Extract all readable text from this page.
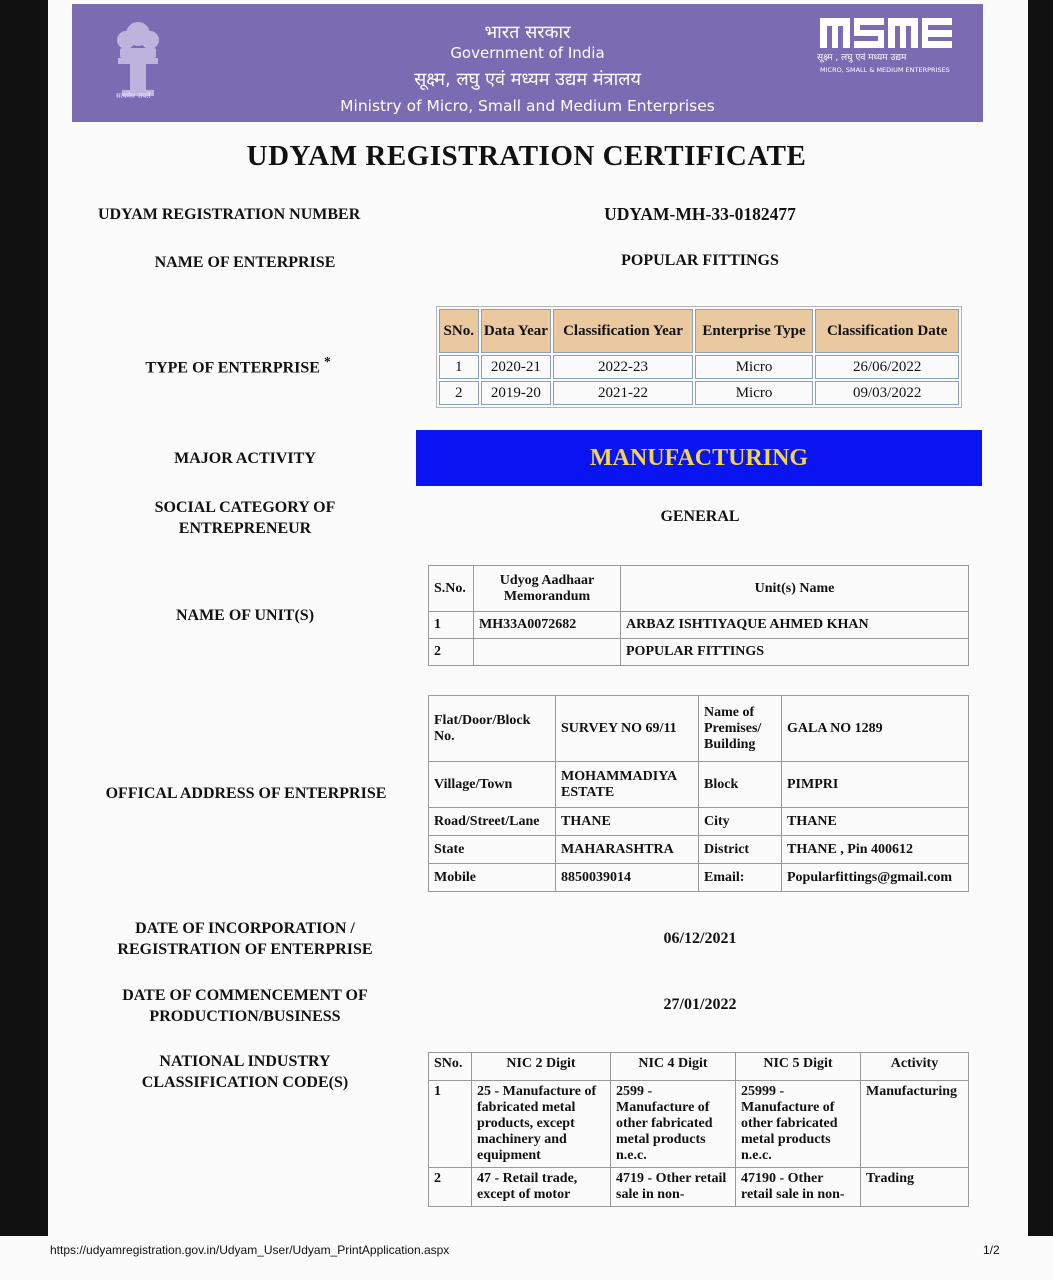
सत्यमेव जयते
भारत सरकार
Government of India
सूक्ष्म, लघु एवं मध्यम उद्यम मंत्रालय
Ministry of Micro, Small and Medium Enterprises
सूक्ष्म , लघु एवं मध्यम उद्यम
MICRO, SMALL & MEDIUM ENTERPRISES
UDYAM REGISTRATION CERTIFICATE
UDYAM REGISTRATION NUMBER	UDYAM-MH-33-0182477
NAME OF ENTERPRISE	POPULAR FITTINGS
TYPE OF ENTERPRISE *
SNo.	Data Year	Classification Year	Enterprise Type	Classification Date
1	2020-21	2022-23	Micro	26/06/2022
2	2019-20	2021-22	Micro	09/03/2022
MAJOR ACTIVITY	MANUFACTURING
SOCIAL CATEGORY OF
ENTREPRENEUR
GENERAL
NAME OF UNIT(S)
S.No.	Udyog Aadhaar Memorandum	Unit(s) Name
1	MH33A0072682	ARBAZ ISHTIYAQUE AHMED KHAN
2		POPULAR FITTINGS
OFFICAL ADDRESS OF ENTERPRISE
Flat/Door/Block No.	SURVEY NO 69/11	Name of Premises/ Building	GALA NO 1289
Village/Town	MOHAMMADIYA ESTATE	Block	PIMPRI
Road/Street/Lane	THANE	City	THANE
State	MAHARASHTRA	District	THANE , Pin 400612
Mobile	8850039014	Email:	Popularfittings@gmail.com
DATE OF INCORPORATION /
REGISTRATION OF ENTERPRISE
06/12/2021
DATE OF COMMENCEMENT OF
PRODUCTION/BUSINESS
27/01/2022
NATIONAL INDUSTRY
CLASSIFICATION CODE(S)
SNo.	NIC 2 Digit	NIC 4 Digit	NIC 5 Digit	Activity
1	25 - Manufacture of fabricated metal products, except machinery and equipment	2599 - Manufacture of other fabricated metal products n.e.c.	25999 - Manufacture of other fabricated metal products n.e.c.	Manufacturing
2	47 - Retail trade, except of motor	4719 - Other retail sale in non-	47190 - Other retail sale in non-	Trading
https://udyamregistration.gov.in/Udyam_User/Udyam_PrintApplication.aspx	1/2
